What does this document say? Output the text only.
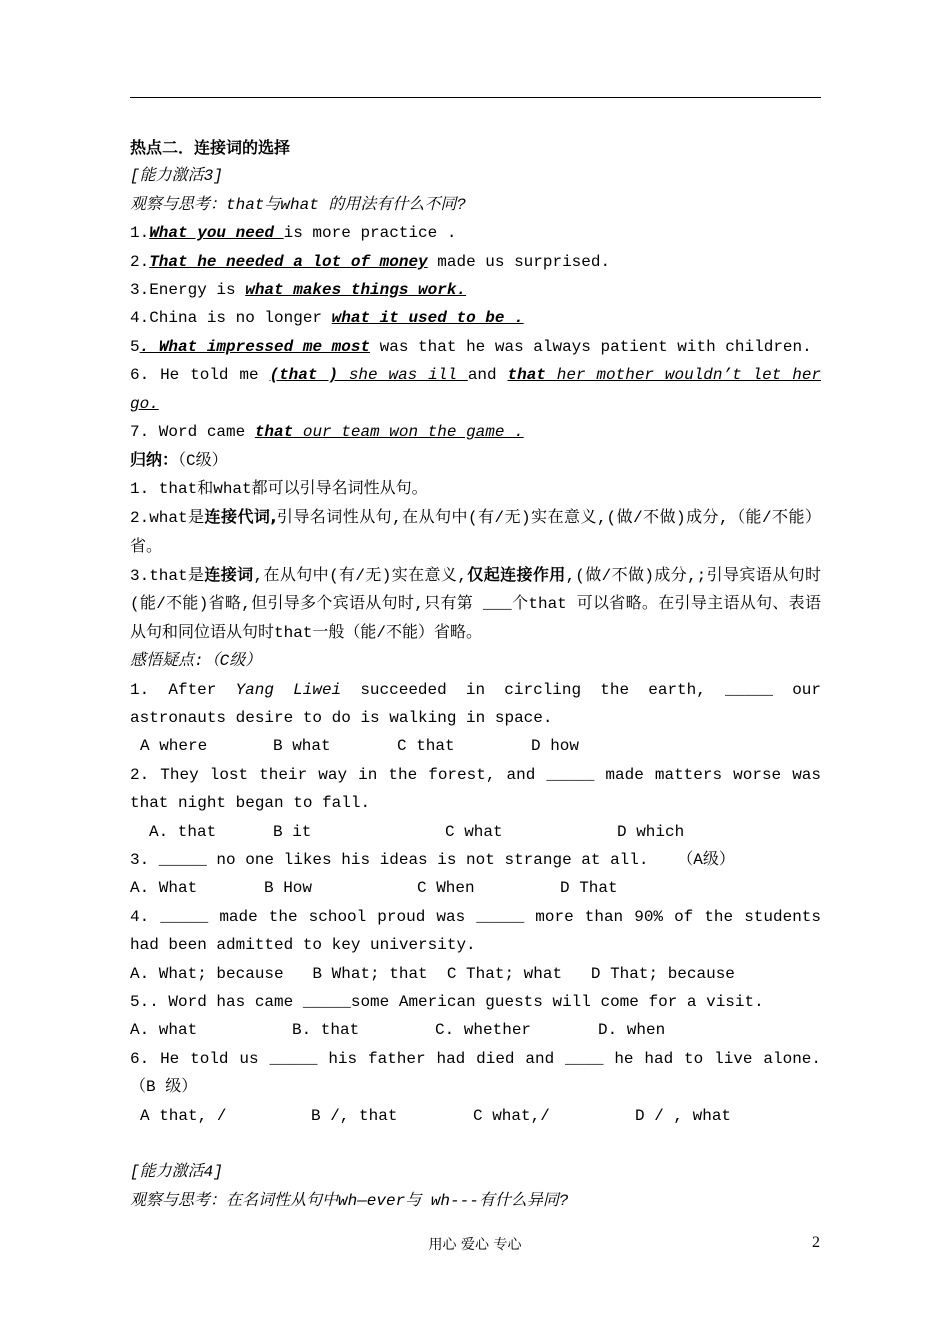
热点二．连接词的选择
[能力激活3]
观察与思考：that与what 的用法有什么不同?
1.What you need is more practice .
2.That he needed a lot of money made us surprised.
3.Energy is what makes things work.
4.China is no longer what it used to be .
5. What impressed me most was that he was always patient with children.
6. He told me (that ) she was ill and that her mother wouldn’t let her go.
7. Word came that our team won the game .
归纳：（C级）
1. that和what都可以引导名词性从句。
2.what是连接代词,引导名词性从句,在从句中(有/无)实在意义,(做/不做)成分,（能/不能）省。
3.that是连接词,在从句中(有/无)实在意义,仅起连接作用,(做/不做)成分,;引导宾语从句时(能/不能)省略,但引导多个宾语从句时,只有第 ___个that 可以省略。在引导主语从句、表语从句和同位语从句时that一般（能/不能）省略。
感悟疑点:（C级）
1. After Yang Liwei succeeded in circling the earth, _____ our astronauts desire to do is walking in space.
A where	B what	C that	D how
2. They lost their way in the forest, and _____ made matters worse was that night began to fall.
A. that	B it	C what	D which
3. _____ no one likes his ideas is not strange at all.   （A级）
A. What	B How	C When	D That
4. _____ made the school proud was _____ more than 90% of the students had been admitted to key university.
A. What; because   B What; that  C That; what   D That; because
5.. Word has came _____some American guests will come for a visit.
A. what	B. that	C. whether	D. when
6. He told us _____ his father had died and ____ he had to live alone.（B 级）
A that, /	B /, that	C what,/	D / , what
[能力激活4]
观察与思考：在名词性从句中wh—ever与 wh---有什么异同?
用心 爱心 专心	2
